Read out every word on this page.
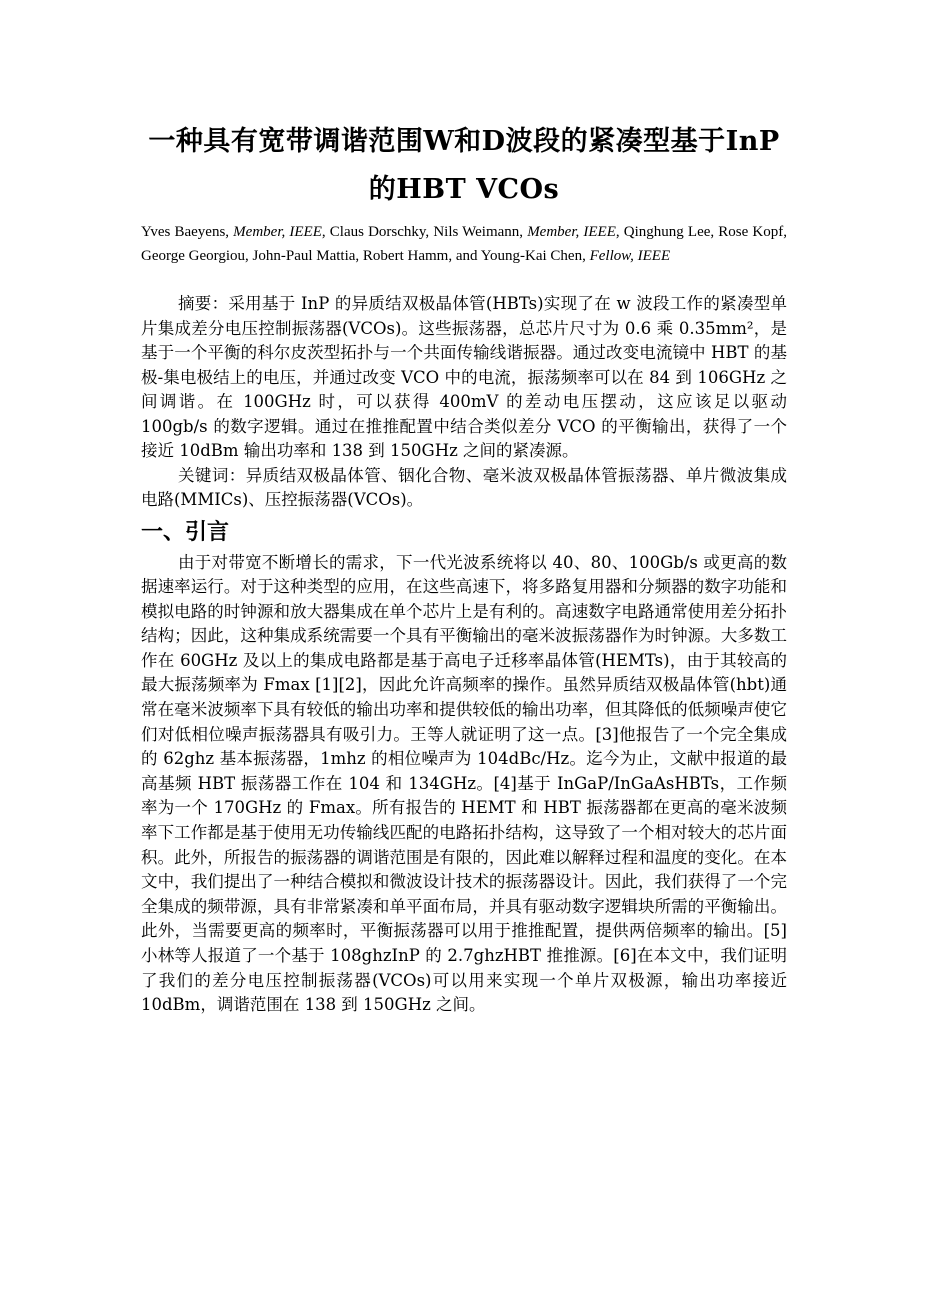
一种具有宽带调谐范围W和D波段的紧凑型基于InP的HBT VCOs

Yves Baeyens, Member, IEEE, Claus Dorschky, Nils Weimann, Member, IEEE, Qinghung Lee, Rose Kopf, George Georgiou, John-Paul Mattia, Robert Hamm, and Young-Kai Chen, Fellow, IEEE

摘要：采用基于 InP 的异质结双极晶体管(HBTs)实现了在 w 波段工作的紧凑型单片集成差分电压控制振荡器(VCOs)。这些振荡器，总芯片尺寸为 0.6 乘 0.35mm²，是基于一个平衡的科尔皮茨型拓扑与一个共面传输线谐振器。通过改变电流镜中 HBT 的基极-集电极结上的电压，并通过改变 VCO 中的电流，振荡频率可以在 84 到 106GHz 之间调谐。在 100GHz 时，可以获得 400mV 的差动电压摆动，这应该足以驱动 100gb/s 的数字逻辑。通过在推推配置中结合类似差分 VCO 的平衡输出，获得了一个接近 10dBm 输出功率和 138 到 150GHz 之间的紧凑源。

关键词：异质结双极晶体管、铟化合物、毫米波双极晶体管振荡器、单片微波集成电路(MMICs)、压控振荡器(VCOs)。

一、引言

由于对带宽不断增长的需求，下一代光波系统将以 40、80、100Gb/s 或更高的数据速率运行。对于这种类型的应用，在这些高速下，将多路复用器和分频器的数字功能和模拟电路的时钟源和放大器集成在单个芯片上是有利的。高速数字电路通常使用差分拓扑结构；因此，这种集成系统需要一个具有平衡输出的毫米波振荡器作为时钟源。大多数工作在 60GHz 及以上的集成电路都是基于高电子迁移率晶体管(HEMTs)，由于其较高的最大振荡频率为 Fmax [1][2]，因此允许高频率的操作。虽然异质结双极晶体管(hbt)通常在毫米波频率下具有较低的输出功率和提供较低的输出功率，但其降低的低频噪声使它们对低相位噪声振荡器具有吸引力。王等人就证明了这一点。[3]他报告了一个完全集成的 62ghz 基本振荡器，1mhz 的相位噪声为 104dBc/Hz。迄今为止，文献中报道的最高基频 HBT 振荡器工作在 104 和 134GHz。[4]基于 InGaP/InGaAsHBTs，工作频率为一个 170GHz 的 Fmax。所有报告的 HEMT 和 HBT 振荡器都在更高的毫米波频率下工作都是基于使用无功传输线匹配的电路拓扑结构，这导致了一个相对较大的芯片面积。此外，所报告的振荡器的调谐范围是有限的，因此难以解释过程和温度的变化。在本文中，我们提出了一种结合模拟和微波设计技术的振荡器设计。因此，我们获得了一个完全集成的频带源，具有非常紧凑和单平面布局，并具有驱动数字逻辑块所需的平衡输出。此外，当需要更高的频率时，平衡振荡器可以用于推推配置，提供两倍频率的输出。[5]小林等人报道了一个基于 108ghzInP 的 2.7ghzHBT 推推源。[6]在本文中，我们证明了我们的差分电压控制振荡器(VCOs)可以用来实现一个单片双极源，输出功率接近 10dBm，调谐范围在 138 到 150GHz 之间。
